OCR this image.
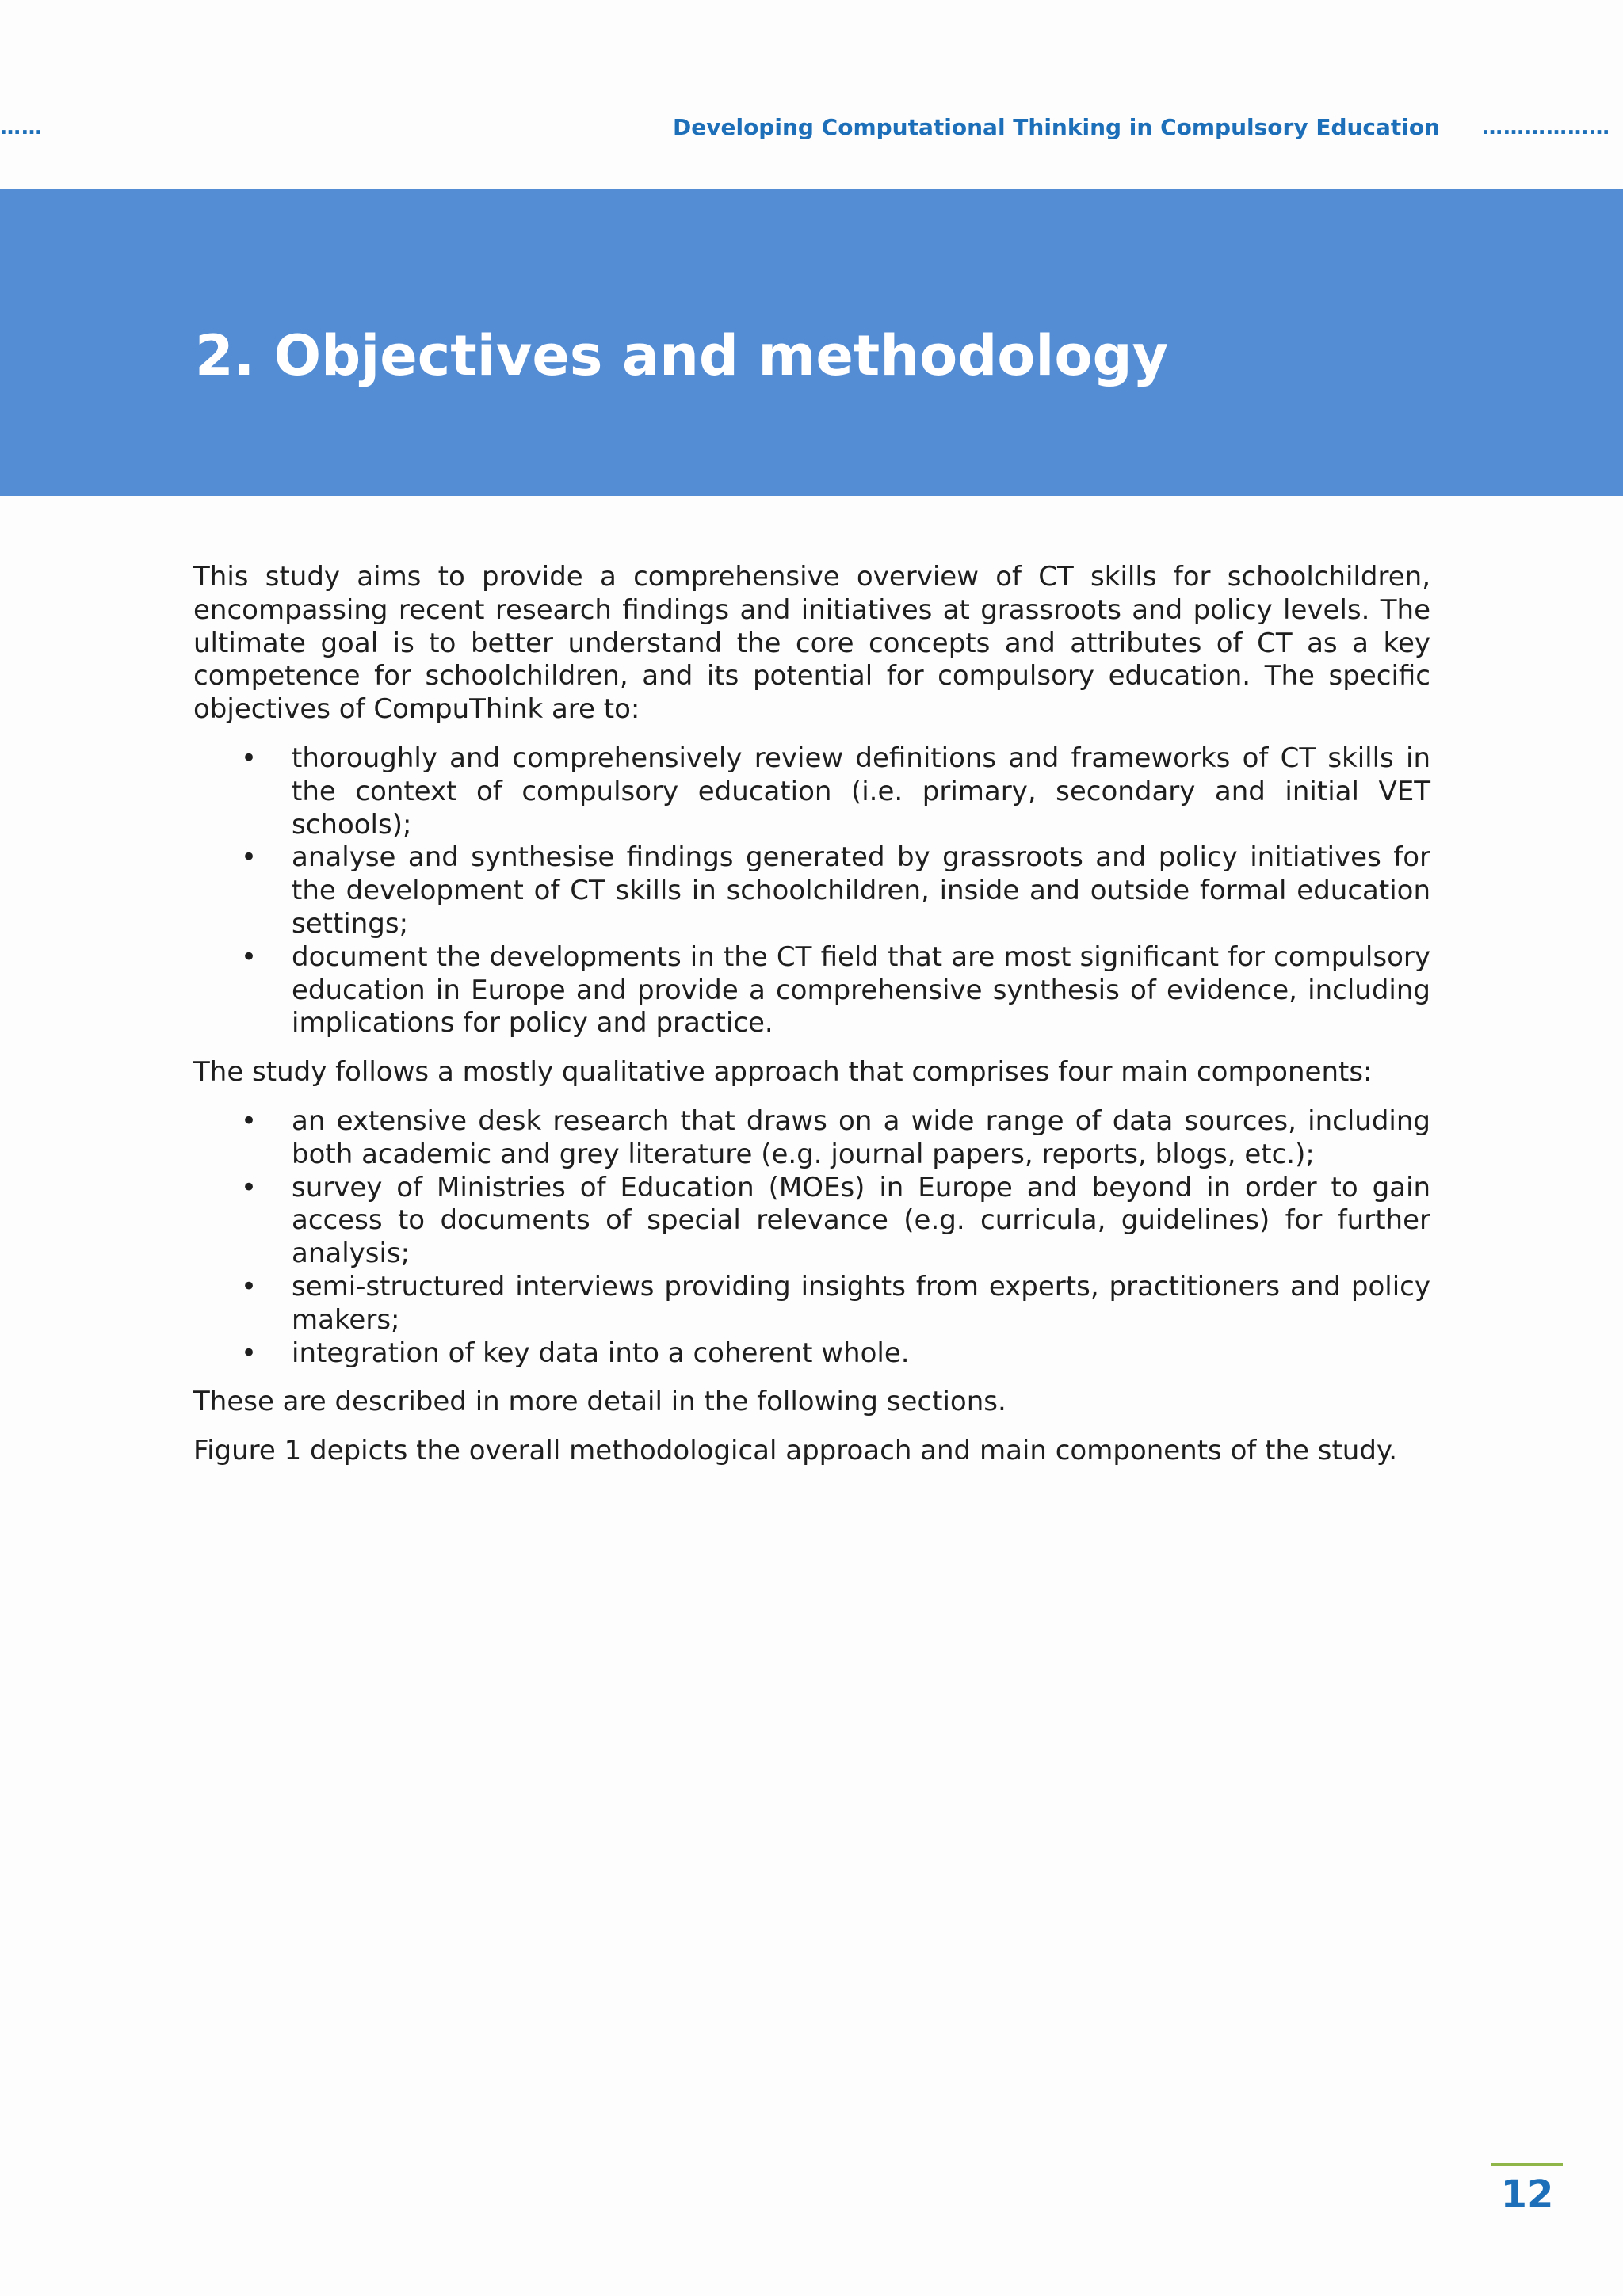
……	Developing Computational Thinking in Compulsory Education ………………
2. Objectives and methodology

This study aims to provide a comprehensive overview of CT skills for schoolchildren, encompassing recent research findings and initiatives at grassroots and policy levels. The ultimate goal is to better understand the core concepts and attributes of CT as a key competence for schoolchildren, and its potential for compulsory education. The specific objectives of CompuThink are to:

• thoroughly and comprehensively review definitions and frameworks of CT skills in the context of compulsory education (i.e. primary, secondary and initial VET schools);
• analyse and synthesise findings generated by grassroots and policy initiatives for the development of CT skills in schoolchildren, inside and outside formal education settings;
• document the developments in the CT field that are most significant for compulsory education in Europe and provide a comprehensive synthesis of evidence, including implications for policy and practice.

The study follows a mostly qualitative approach that comprises four main components:

• an extensive desk research that draws on a wide range of data sources, including both academic and grey literature (e.g. journal papers, reports, blogs, etc.);
• survey of Ministries of Education (MOEs) in Europe and beyond in order to gain access to documents of special relevance (e.g. curricula, guidelines) for further analysis;
• semi-structured interviews providing insights from experts, practitioners and policy makers;
• integration of key data into a coherent whole.

These are described in more detail in the following sections.

Figure 1 depicts the overall methodological approach and main components of the study.

12
